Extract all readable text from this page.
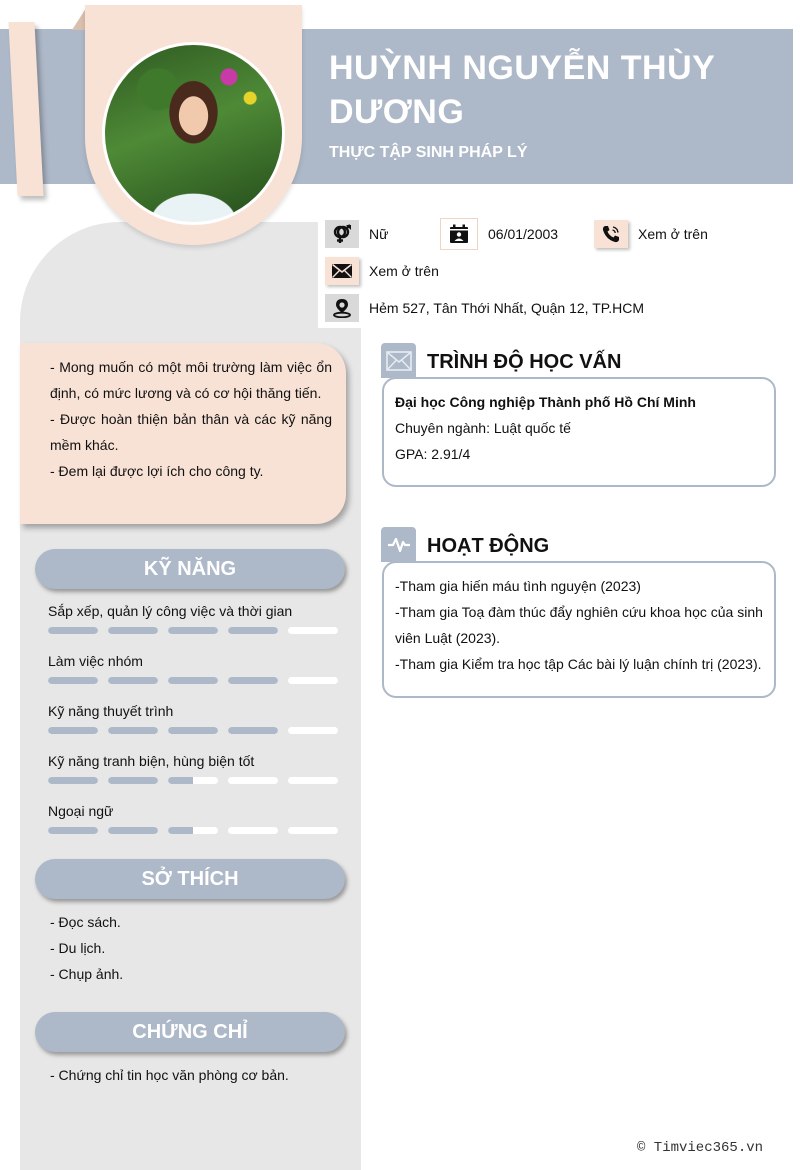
HUỲNH NGUYỄN THÙY DƯƠNG
THỰC TẬP SINH PHÁP LÝ
Nữ	06/01/2003	Xem ở trên
Xem ở trên
Hẻm 527, Tân Thới Nhất, Quận 12, TP.HCM

- Mong muốn có một môi trường làm việc ổn định, có mức lương và có cơ hội thăng tiến.

- Được hoàn thiện bản thân và các kỹ năng mềm khác.

- Đem lại được lợi ích cho công ty.

KỸ NĂNG
Sắp xếp, quản lý công việc và thời gian
Làm việc nhóm
Kỹ năng thuyết trình
Kỹ năng tranh biện, hùng biện tốt
Ngoại ngữ
SỞ THÍCH
- Đọc sách.
- Du lịch.
- Chụp ảnh.
CHỨNG CHỈ
- Chứng chỉ tin học văn phòng cơ bản.
TRÌNH ĐỘ HỌC VẤN
Đại học Công nghiệp Thành phố Hồ Chí Minh
Chuyên ngành: Luật quốc tế
GPA: 2.91/4
HOẠT ĐỘNG
-Tham gia hiến máu tình nguyện (2023)
-Tham gia Toạ đàm thúc đẩy nghiên cứu khoa học của sinh viên Luật (2023).
-Tham gia Kiểm tra học tập Các bài lý luận chính trị (2023).
© Timviec365.vn
